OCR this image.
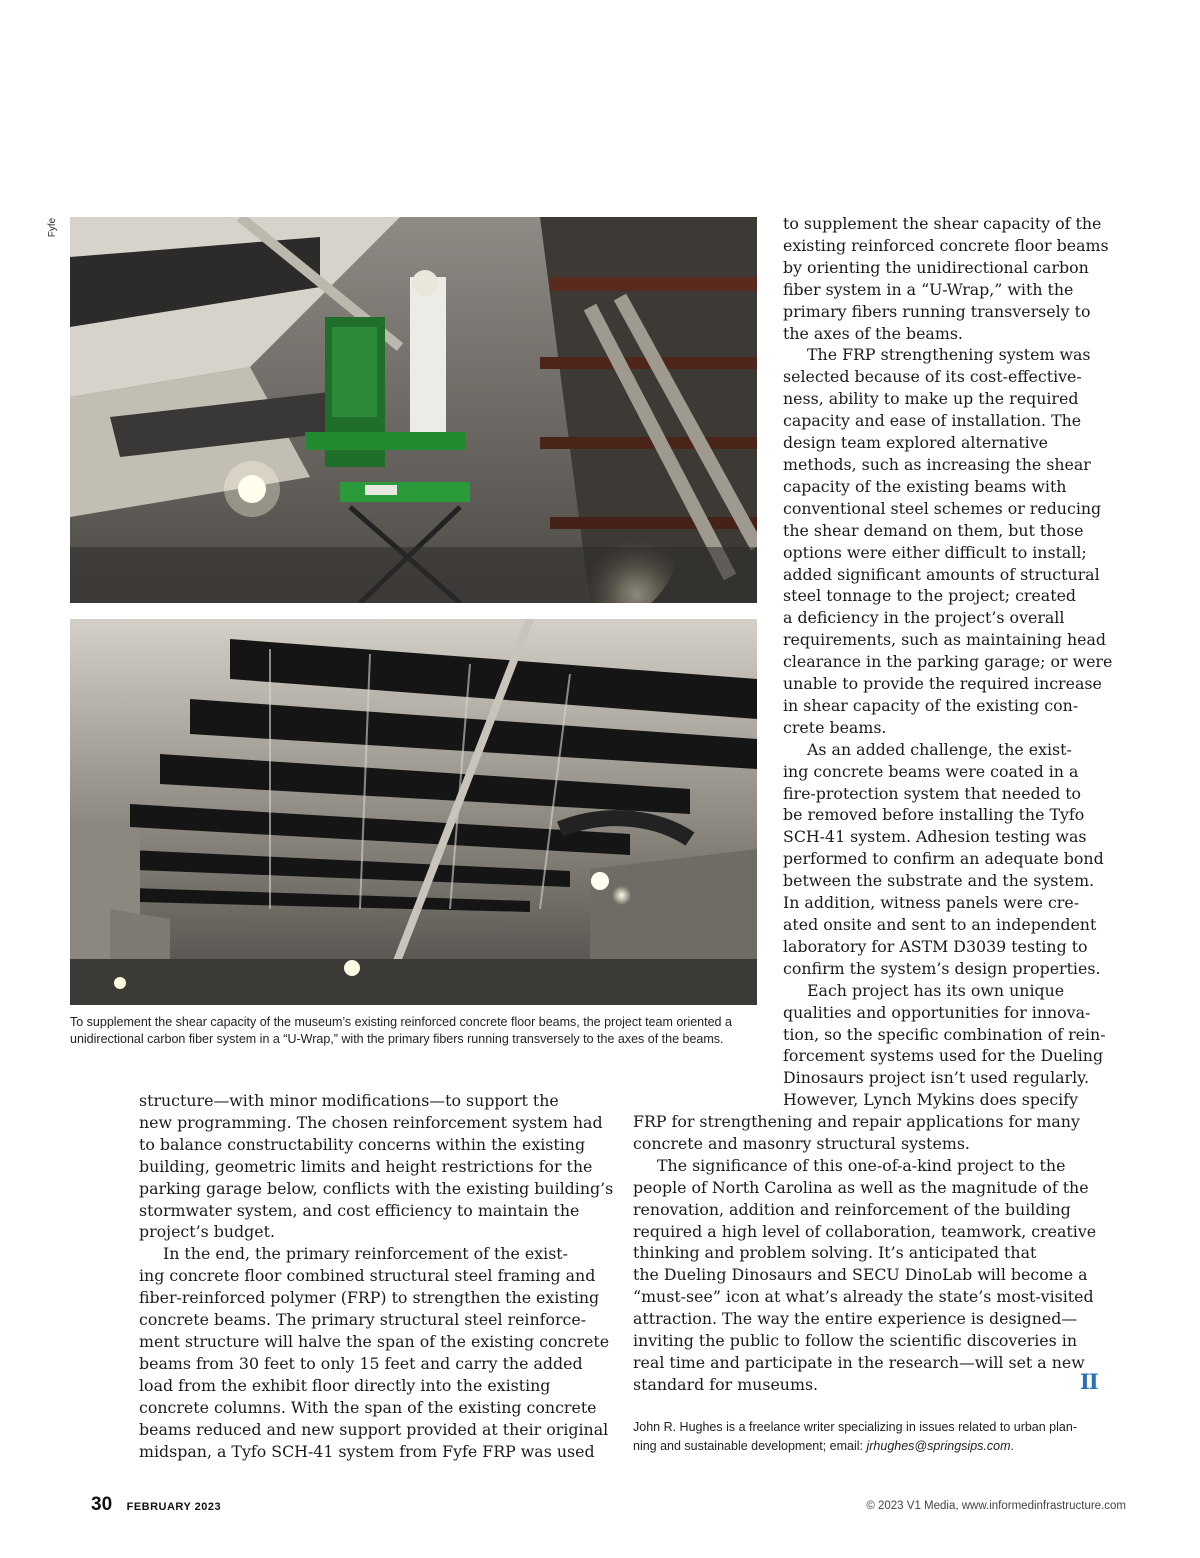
Fyfe
To supplement the shear capacity of the museum’s existing reinforced concrete floor beams, the project team oriented a
unidirectional carbon fiber system in a “U-Wrap,” with the primary fibers running transversely to the axes of the beams.

to supplement the shear capacity of the

existing reinforced concrete floor beams

by orienting the unidirectional carbon

fiber system in a “U-Wrap,” with the

primary fibers running transversely to

the axes of the beams.

The FRP strengthening system was

selected because of its cost-effective-

ness, ability to make up the required

capacity and ease of installation. The

design team explored alternative

methods, such as increasing the shear

capacity of the existing beams with

conventional steel schemes or reducing

the shear demand on them, but those

options were either difficult to install;

added significant amounts of structural

steel tonnage to the project; created

a deficiency in the project’s overall

requirements, such as maintaining head

clearance in the parking garage; or were

unable to provide the required increase

in shear capacity of the existing con-

crete beams.

As an added challenge, the exist-

ing concrete beams were coated in a

fire-protection system that needed to

be removed before installing the Tyfo

SCH-41 system. Adhesion testing was

performed to confirm an adequate bond

between the substrate and the system.

In addition, witness panels were cre-

ated onsite and sent to an independent

laboratory for ASTM D3039 testing to

confirm the system’s design properties.

Each project has its own unique

qualities and opportunities for innova-

tion, so the specific combination of rein-

forcement systems used for the Dueling

Dinosaurs project isn’t used regularly.

However, Lynch Mykins does specify

structure—with minor modifications—to support the

new programming. The chosen reinforcement system had

to balance constructability concerns within the existing

building, geometric limits and height restrictions for the

parking garage below, conflicts with the existing building’s

stormwater system, and cost efficiency to maintain the

project’s budget.

In the end, the primary reinforcement of the exist-

ing concrete floor combined structural steel framing and

fiber-reinforced polymer (FRP) to strengthen the existing

concrete beams. The primary structural steel reinforce-

ment structure will halve the span of the existing concrete

beams from 30 feet to only 15 feet and carry the added

load from the exhibit floor directly into the existing

concrete columns. With the span of the existing concrete

beams reduced and new support provided at their original

midspan, a Tyfo SCH-41 system from Fyfe FRP was used

FRP for strengthening and repair applications for many

concrete and masonry structural systems.

The significance of this one-of-a-kind project to the

people of North Carolina as well as the magnitude of the

renovation, addition and reinforcement of the building

required a high level of collaboration, teamwork, creative

thinking and problem solving. It’s anticipated that

the Dueling Dinosaurs and SECU DinoLab will become a

“must-see” icon at what’s already the state’s most-visited

attraction. The way the entire experience is designed—

inviting the public to follow the scientific discoveries in

real time and participate in the research—will set a new

standard for museums.	II

John R. Hughes is a freelance writer specializing in issues related to urban plan-

ning and sustainable development; email: jrhughes@springsips.com.

30 FEBRUARY 2023	© 2023 V1 Media, www.informedinfrastructure.com
